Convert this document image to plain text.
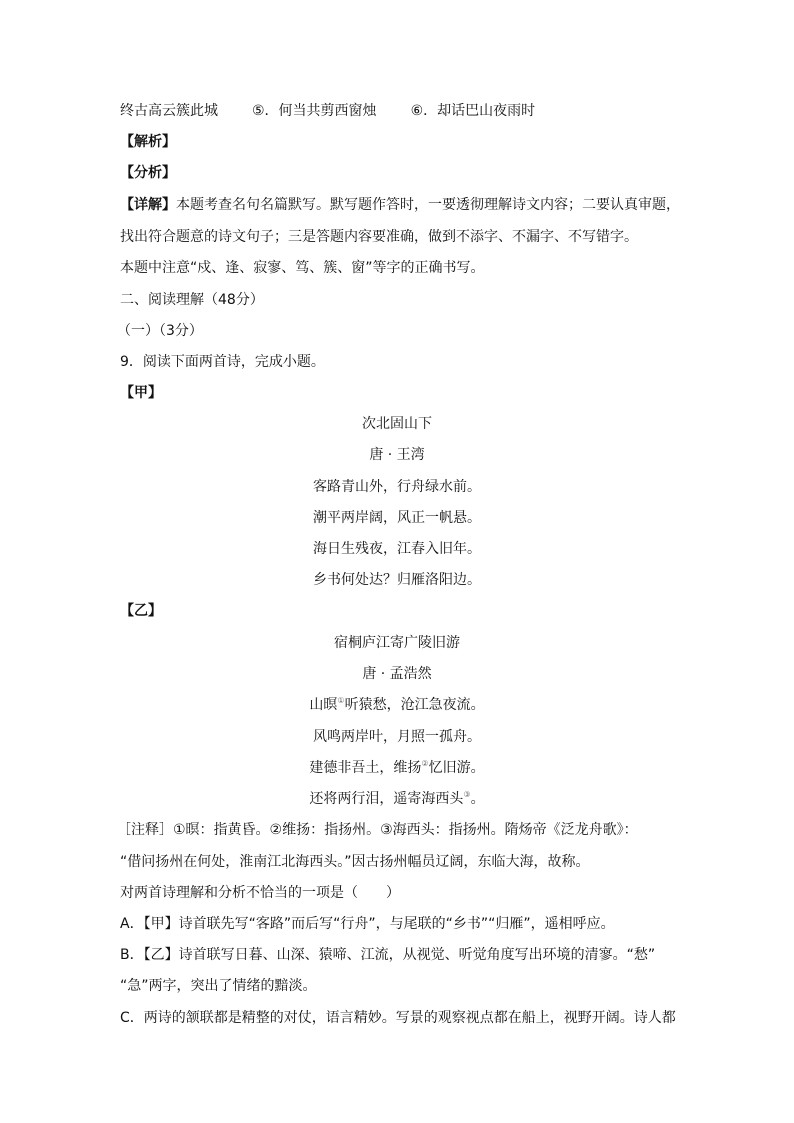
终古高云簇此城 ⑤．何当共剪西窗烛 ⑥．却话巴山夜雨时
【解析】
【分析】
【详解】本题考查名句名篇默写。默写题作答时，一要透彻理解诗文内容；二要认真审题，
找出符合题意的诗文句子；三是答题内容要准确，做到不添字、不漏字、不写错字。
本题中注意“戍、逢、寂寥、笃、簇、窗”等字的正确书写。
二、阅读理解（48分）
（一）（3分）
9．阅读下面两首诗，完成小题。
【甲】
次北固山下
唐 · 王湾
客路青山外，行舟绿水前。
潮平两岸阔，风正一帆悬。
海日生残夜，江春入旧年。
乡书何处达？归雁洛阳边。
【乙】
宿桐庐江寄广陵旧游
唐 · 孟浩然
山暝①听猿愁，沧江急夜流。
风鸣两岸叶，月照一孤舟。
建德非吾土，维扬②忆旧游。
还将两行泪，遥寄海西头③。
［注释］①暝：指黄昏。②维扬：指扬州。③海西头：指扬州。隋炀帝《泛龙舟歌》：
“借问扬州在何处，淮南江北海西头。”因古扬州幅员辽阔，东临大海，故称。
对两首诗理解和分析不恰当的一项是（　　）
A．【甲】诗首联先写“客路”而后写“行舟”，与尾联的“乡书”“归雁”，遥相呼应。
B．【乙】诗首联写日暮、山深、猿啼、江流，从视觉、听觉角度写出环境的清寥。“愁”
“急”两字，突出了情绪的黯淡。
C．两诗的颔联都是精整的对仗，语言精妙。写景的观察视点都在船上，视野开阔。诗人都
